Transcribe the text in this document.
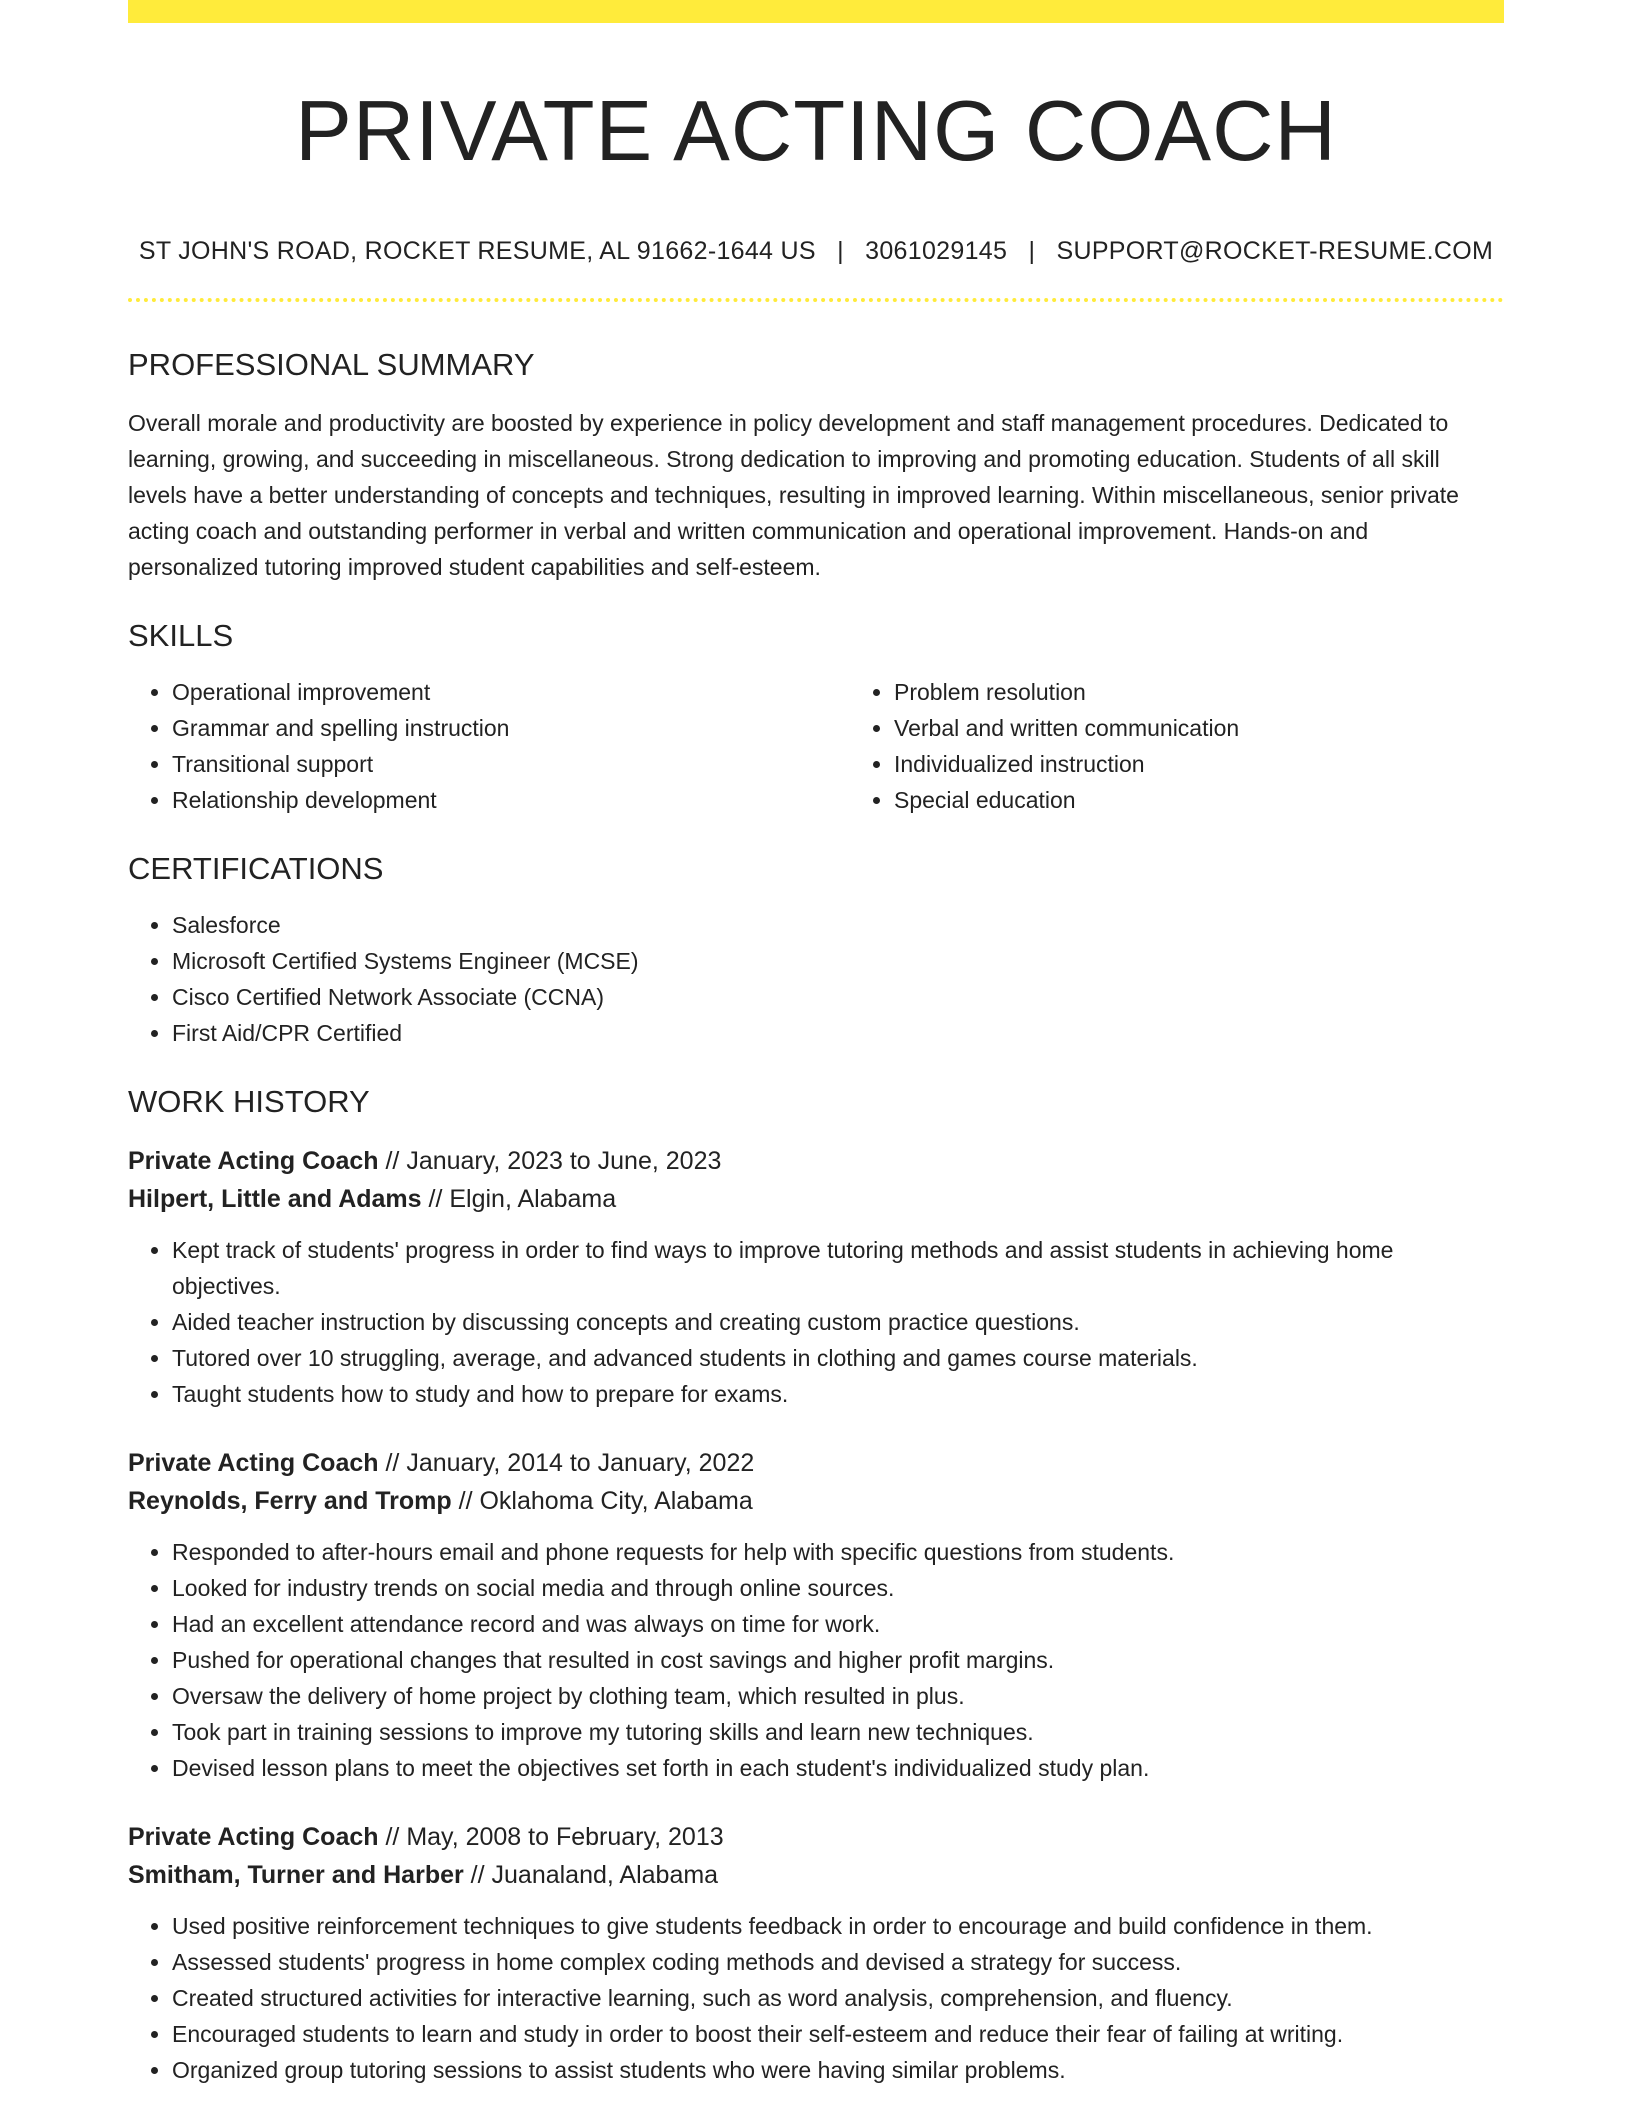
PRIVATE ACTING COACH
ST JOHN'S ROAD, ROCKET RESUME, AL 91662-1644 US | 3061029145 | SUPPORT@ROCKET-RESUME.COM
PROFESSIONAL SUMMARY

Overall morale and productivity are boosted by experience in policy development and staff management procedures. Dedicated to learning, growing, and succeeding in miscellaneous. Strong dedication to improving and promoting education. Students of all skill levels have a better understanding of concepts and techniques, resulting in improved learning. Within miscellaneous, senior private acting coach and outstanding performer in verbal and written communication and operational improvement. Hands-on and personalized tutoring improved student capabilities and self-esteem.

SKILLS
• Operational improvement
• Grammar and spelling instruction
• Transitional support
• Relationship development
• Problem resolution
• Verbal and written communication
• Individualized instruction
• Special education
CERTIFICATIONS
• Salesforce
• Microsoft Certified Systems Engineer (MCSE)
• Cisco Certified Network Associate (CCNA)
• First Aid/CPR Certified
WORK HISTORY

Private Acting Coach // January, 2023 to June, 2023

Hilpert, Little and Adams // Elgin, Alabama

• Kept track of students' progress in order to find ways to improve tutoring methods and assist students in achieving home objectives.
• Aided teacher instruction by discussing concepts and creating custom practice questions.
• Tutored over 10 struggling, average, and advanced students in clothing and games course materials.
• Taught students how to study and how to prepare for exams.

Private Acting Coach // January, 2014 to January, 2022

Reynolds, Ferry and Tromp // Oklahoma City, Alabama

• Responded to after-hours email and phone requests for help with specific questions from students.
• Looked for industry trends on social media and through online sources.
• Had an excellent attendance record and was always on time for work.
• Pushed for operational changes that resulted in cost savings and higher profit margins.
• Oversaw the delivery of home project by clothing team, which resulted in plus.
• Took part in training sessions to improve my tutoring skills and learn new techniques.
• Devised lesson plans to meet the objectives set forth in each student's individualized study plan.

Private Acting Coach // May, 2008 to February, 2013

Smitham, Turner and Harber // Juanaland, Alabama

• Used positive reinforcement techniques to give students feedback in order to encourage and build confidence in them.
• Assessed students' progress in home complex coding methods and devised a strategy for success.
• Created structured activities for interactive learning, such as word analysis, comprehension, and fluency.
• Encouraged students to learn and study in order to boost their self-esteem and reduce their fear of failing at writing.
• Organized group tutoring sessions to assist students who were having similar problems.
